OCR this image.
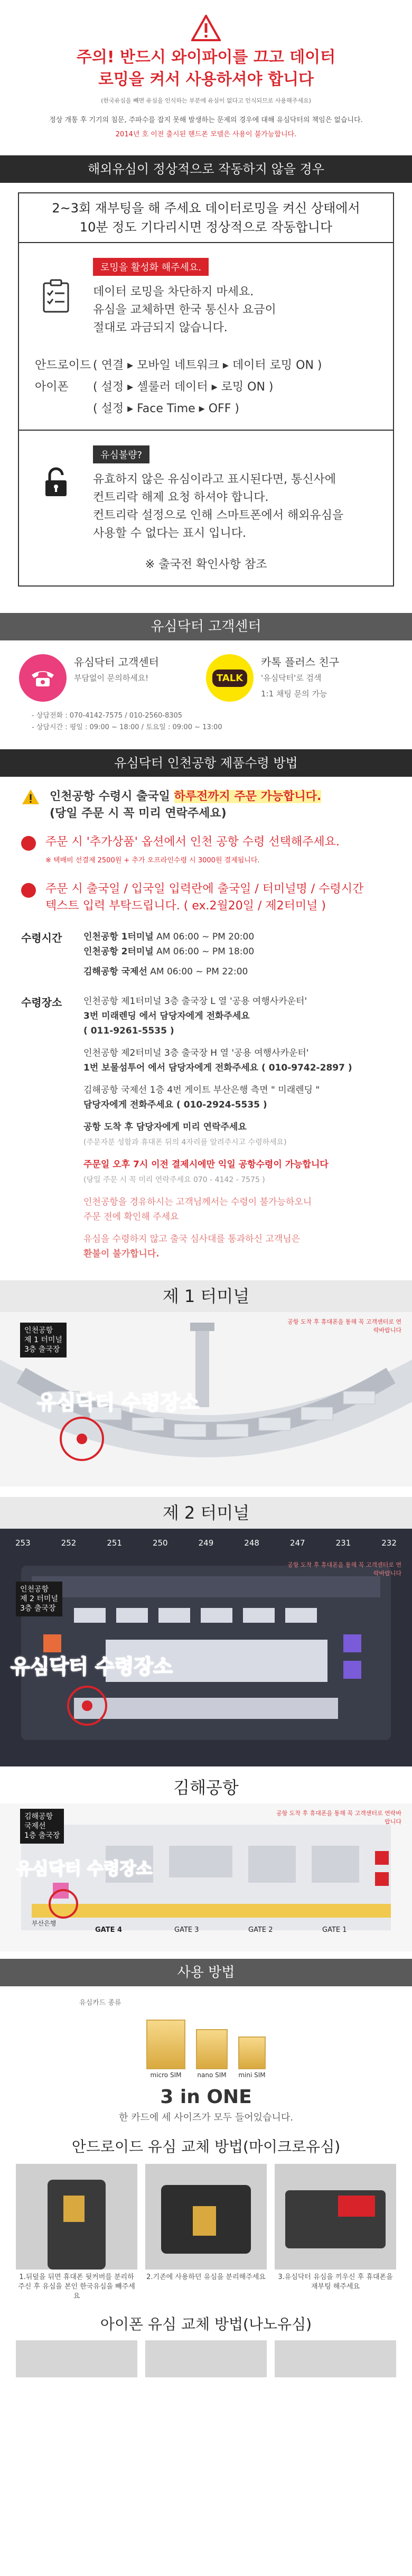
주의! 반드시 와이파이를 끄고 데이터
로밍을 켜서 사용하셔야 합니다
(한국유심을 빼면 유심을 인식하는 부분에 유심이 없다고 인식되므로 사용해주세요)
정상 개통 후 기기의 침문, 주파수를 잡지 못해 발생하는 문제의 경우에 대해 유심닥터의 책임은 없습니다.
2014년 호 이전 출시된 핸드폰 모델은 사용이 불가능합니다.
해외유심이 정상적으로 작동하지 않을 경우
2~3회 재부팅을 해 주세요 데이터로밍을 켜신 상태에서
10분 정도 기다리시면 정상적으로 작동합니다
로밍을 활성화 해주세요.
데이터 로밍을 차단하지 마세요.
유심을 교체하면 한국 통신사 요금이
절대로 과금되지 않습니다.
안드로이드 ( 연결 ▸ 모바일 네트워크 ▸ 데이터 로밍 ON )
아이폰	( 설정 ▸ 셀룰러 데이터 ▸ 로밍 ON )
( 설정 ▸ Face Time ▸ OFF )
유심불량?
유효하지 않은 유심이라고 표시된다면, 통신사에
컨트리락 해제 요청 하셔야 합니다.
컨트리락 설정으로 인해 스마트폰에서 해외유심을
사용할 수 없다는 표시 입니다.
※ 출국전 확인사항 참조
유심닥터 고객센터
유심닥터 고객센터
부담없이 문의하세요!	TALK
카톡 플러스 친구
'유심닥터'로 검색
1:1 채팅 문의 가능
- 상담전화 : 070-4142-7575 / 010-2560-8305
- 상담시간 : 평일 : 09:00 ~ 18:00 / 토요일 : 09:00 ~ 13:00
유심닥터 인천공항 제품수령 방법
인천공항 수령시 출국일 하루전까지 주문 가능합니다.
(당일 주문 시 꼭 미리 연락주세요)
주문 시 '추가상품' 옵션에서 인천 공항 수령 선택해주세요.
※ 택배비 선결제 2500원 + 추가 오프라인수령 시 3000원 결제됩니다.
주문 시 출국일 / 입국일 입력란에 출국일 / 터미널명 / 수령시간
텍스트 입력 부탁드립니다. ( ex.2월20일 / 제2터미널 )
수령시간	인천공항 1터미널 AM 06:00 ~ PM 20:00
인천공항 2터미널 AM 06:00 ~ PM 18:00
김해공항 국제선 AM 06:00 ~ PM 22:00
수령장소	인천공항 제1터미널 3층 출국장 L 열 '공용 여행사카운터'
3번 미래렌딩 에서 담당자에게 전화주세요
( 011-9261-5535 )

인천공항 제2터미널 3층 출국장 H 열 '공용 여행사카운터'
1번 보물섬투어 에서 담당자에게 전화주세요 ( 010-9742-2897 )

김해공항 국제선 1층 4번 게이트 부산은행 측면 " 미래렌딩 "
담당자에게 전화주세요 ( 010-2924-5535 )

공항 도착 후 담당자에게 미리 연락주세요
(주문자분 성함과 휴대폰 뒤의 4자리를 알려주시고 수령하세요)

주문일 오후 7시 이전 결제시에만 익일 공항수령이 가능합니다
(당일 주문 시 꼭 미리 연락주세요 070 - 4142 - 7575 )

인천공항을 경유하시는 고객님께서는 수령이 불가능하오니
주문 전에 확인해 주세요

유심을 수령하지 않고 출국 심사대를 통과하신 고객님은
환불이 불가합니다.

제 1 터미널
인천공항
제 1 터미널
3층 출국장
유심닥터 수령장소
공항 도착 후 휴대폰을 통해 꼭 고객센터로 연락바랍니다
제 2 터미널
253	252	251	250	249	248	247	231	232
인천공항
제 2 터미널
3층 출국장
유심닥터 수령장소
공항 도착 후 휴대폰을 통해 꼭 고객센터로 연락바랍니다
김해공항
김해공항
국제선
1층 출국장
유심닥터 수령장소
부산은행
GATE 4	GATE 3	GATE 2	GATE 1
공항 도착 후 휴대폰을 통해 꼭 고객센터로 연락바랍니다
사용 방법
유심카드 종류
micro SIM	nano SIM mini SIM
3 in ONE
한 카드에 세 사이즈가 모두 들어있습니다.
안드로이드 유심 교체 방법(마이크로유심)
1.뒤덮을 뒤면 휴대폰 뒷커버를 분리하 주신 후 유심을 본인 한국유심을 빼주세요
2.기존에 사용하던 유심을 분리해주세요	3.유심닥터 유심을 끼우신 후 휴대폰을 재부팅 해주세요
아이폰 유심 교체 방법(나노유심)
